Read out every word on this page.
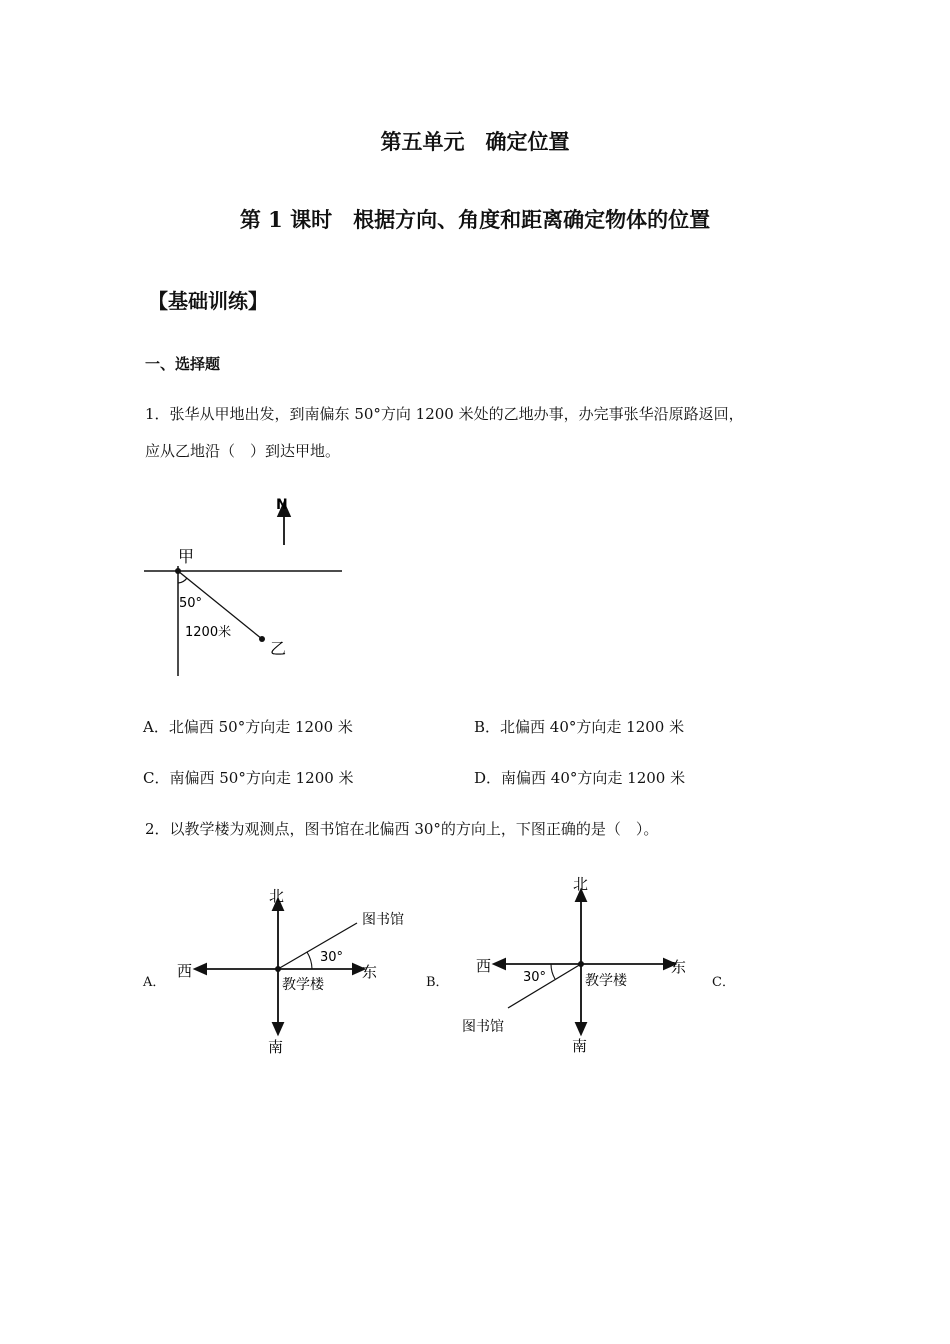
第五单元　确定位置
第 1 课时　根据方向、角度和距离确定物体的位置
【基础训练】
一、选择题
1．张华从甲地出发，到南偏东 50°方向 1200 米处的乙地办事，办完事张华沿原路返回，
应从乙地沿（　）到达甲地。
N
甲
50°
1200米
乙
北
南
西	东
教学楼
图书馆
30°
北
南
西	东
教学楼
图书馆
30°
A．北偏西 50°方向走 1200 米	B．北偏西 40°方向走 1200 米
C．南偏西 50°方向走 1200 米	D．南偏西 40°方向走 1200 米
2．以教学楼为观测点，图书馆在北偏西 30°的方向上，下图正确的是（　）。
A．	B．	C．
